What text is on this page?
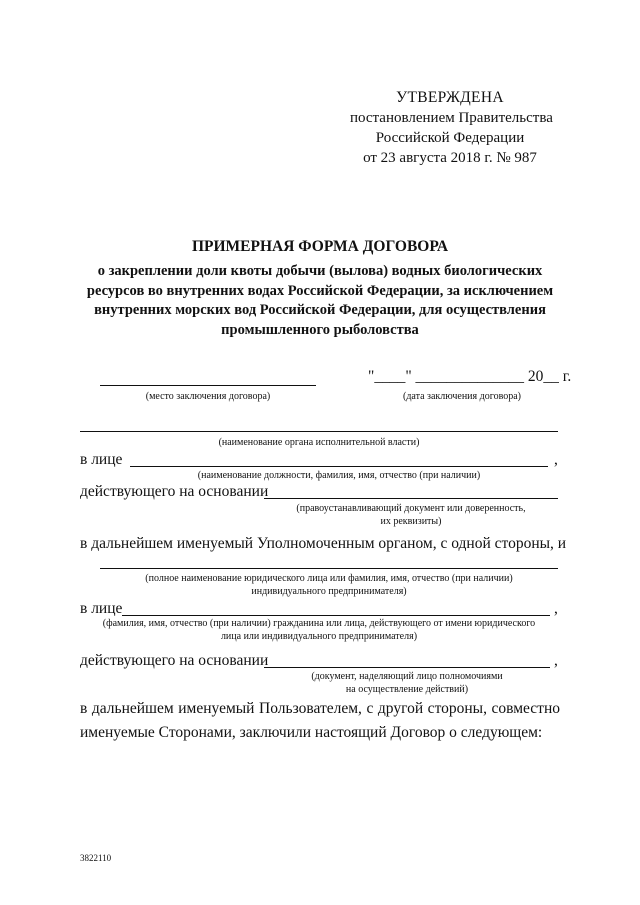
УТВЕРЖДЕНА
постановлением Правительства
Российской Федерации
от 23 августа 2018 г. № 987
ПРИМЕРНАЯ ФОРМА ДОГОВОРА
о закреплении доли квоты добычи (вылова) водных биологических ресурсов во внутренних водах Российской Федерации, за исключением внутренних морских вод Российской Федерации, для осуществления промышленного рыболовства
(место заключения договора)
"____" ______________ 20__ г.
(дата заключения договора)
(наименование органа исполнительной власти)
в лице	,
(наименование должности, фамилия, имя, отчество (при наличии)
действующего на основании
(правоустанавливающий документ или доверенность,
их реквизиты)
в дальнейшем именуемый Уполномоченным органом, с одной стороны, и
(полное наименование юридического лица или фамилия, имя, отчество (при наличии)
индивидуального предпринимателя)
в лице	,
(фамилия, имя, отчество (при наличии) гражданина или лица, действующего от имени юридического
лица или индивидуального предпринимателя)
действующего на основании	,
(документ, наделяющий лицо полномочиями
на осуществление действий)
в дальнейшем именуемый Пользователем, с другой стороны, совместно именуемые Сторонами, заключили настоящий Договор о следующем:
3822110
